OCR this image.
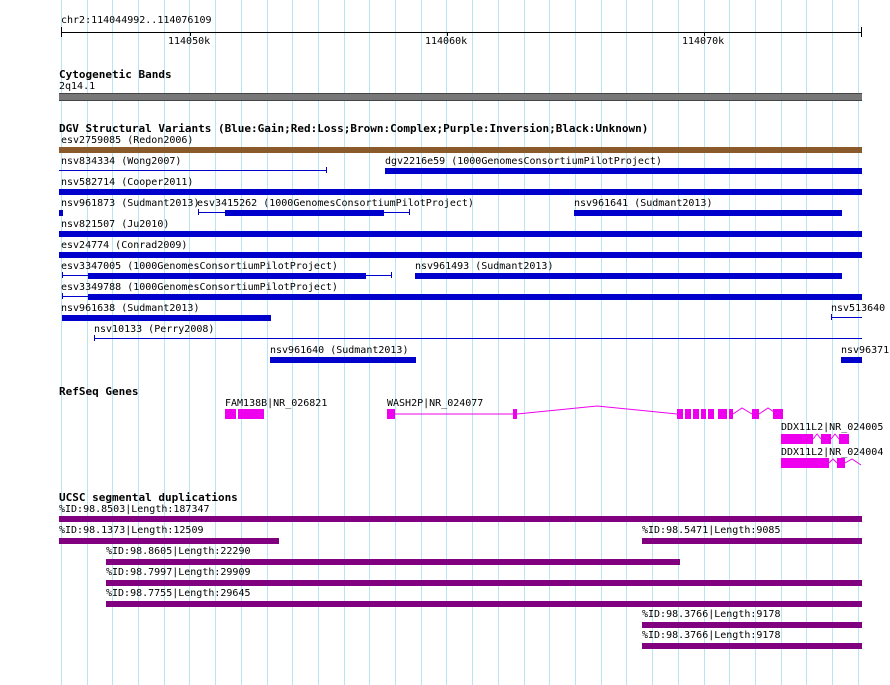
chr2:114044992..114076109
114050k	114060k	114070k
Cytogenetic Bands
2q14.1
DGV Structural Variants (Blue:Gain;Red:Loss;Brown:Complex;Purple:Inversion;Black:Unknown)
esv2759085 (Redon2006)
nsv834334 (Wong2007)	dgv2216e59 (1000GenomesConsortiumPilotProject)
nsv582714 (Cooper2011)
nsv961873 (Sudmant2013)
esv3415262 (1000GenomesConsortiumPilotProject)	nsv961641 (Sudmant2013)
nsv821507 (Ju2010)
esv24774 (Conrad2009)
esv3347005 (1000GenomesConsortiumPilotProject)	nsv961493 (Sudmant2013)
esv3349788 (1000GenomesConsortiumPilotProject)
nsv961638 (Sudmant2013)	nsv513640
nsv10133 (Perry2008)
nsv961640 (Sudmant2013)	nsv96371
RefSeq Genes
FAM138B|NR_026821	WASH2P|NR_024077
DDX11L2|NR_024005
DDX11L2|NR_024004
UCSC segmental duplications
%ID:98.8503|Length:187347
%ID:98.1373|Length:12509	%ID:98.5471|Length:9085
%ID:98.8605|Length:22290
%ID:98.7997|Length:29909
%ID:98.7755|Length:29645
%ID:98.3766|Length:9178
%ID:98.3766|Length:9178
